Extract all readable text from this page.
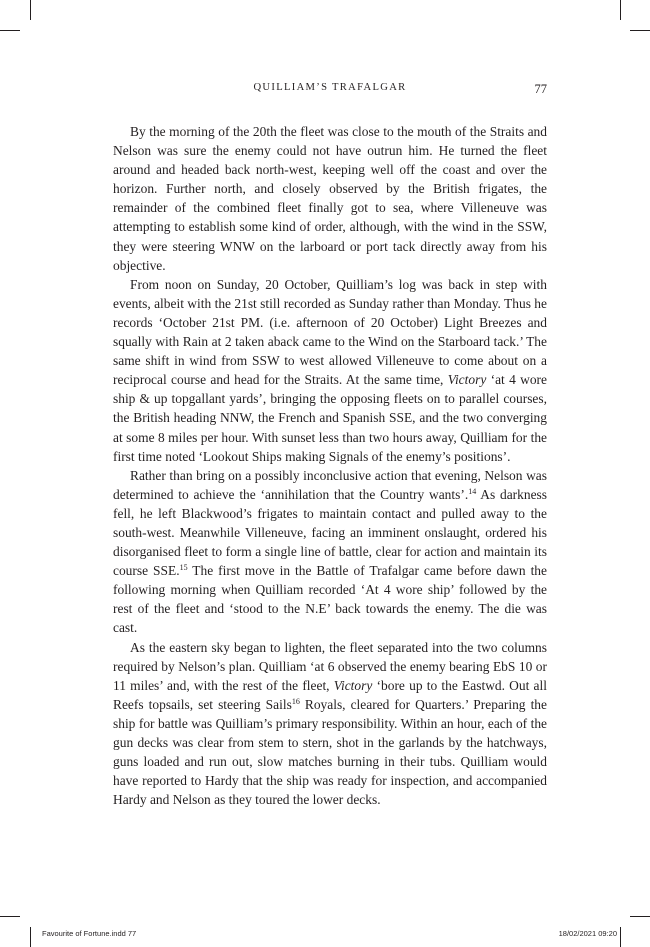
QUILLIAM’S TRAFALGAR	77

By the morning of the 20th the fleet was close to the mouth of the Straits and Nelson was sure the enemy could not have outrun him. He turned the fleet around and headed back north-west, keeping well off the coast and over the horizon. Further north, and closely observed by the British frigates, the remainder of the combined fleet finally got to sea, where Villeneuve was attempting to establish some kind of order, although, with the wind in the SSW, they were steering WNW on the larboard or port tack directly away from his objective.

From noon on Sunday, 20 October, Quilliam’s log was back in step with events, albeit with the 21st still recorded as Sunday rather than Monday. Thus he records ‘October 21st PM. (i.e. afternoon of 20 October) Light Breezes and squally with Rain at 2 taken aback came to the Wind on the Starboard tack.’ The same shift in wind from SSW to west allowed Villeneuve to come about on a reciprocal course and head for the Straits. At the same time, Victory ‘at 4 wore ship & up topgallant yards’, bringing the opposing fleets on to parallel courses, the British heading NNW, the French and Spanish SSE, and the two converging at some 8 miles per hour. With sunset less than two hours away, Quilliam for the first time noted ‘Lookout Ships making Signals of the enemy’s positions’.

Rather than bring on a possibly inconclusive action that evening, Nelson was determined to achieve the ‘annihilation that the Country wants’.$^{14}$ As darkness fell, he left Blackwood’s frigates to maintain contact and pulled away to the south-west. Meanwhile Villeneuve, facing an imminent onslaught, ordered his disorganised fleet to form a single line of battle, clear for action and maintain its course SSE.$^{15}$ The first move in the Battle of Trafalgar came before dawn the following morning when Quilliam recorded ‘At 4 wore ship’ followed by the rest of the fleet and ‘stood to the N.E’ back towards the enemy. The die was cast.

As the eastern sky began to lighten, the fleet separated into the two columns required by Nelson’s plan. Quilliam ‘at 6 observed the enemy bearing EbS 10 or 11 miles’ and, with the rest of the fleet, Victory ‘bore up to the Eastwd. Out all Reefs topsails, set steering Sails$^{16}$ Royals, cleared for Quarters.’ Preparing the ship for battle was Quilliam’s primary responsibility. Within an hour, each of the gun decks was clear from stem to stern, shot in the garlands by the hatchways, guns loaded and run out, slow matches burning in their tubs. Quilliam would have reported to Hardy that the ship was ready for inspection, and accompanied Hardy and Nelson as they toured the lower decks.

Favourite of Fortune.indd 77	18/02/2021 09:20
